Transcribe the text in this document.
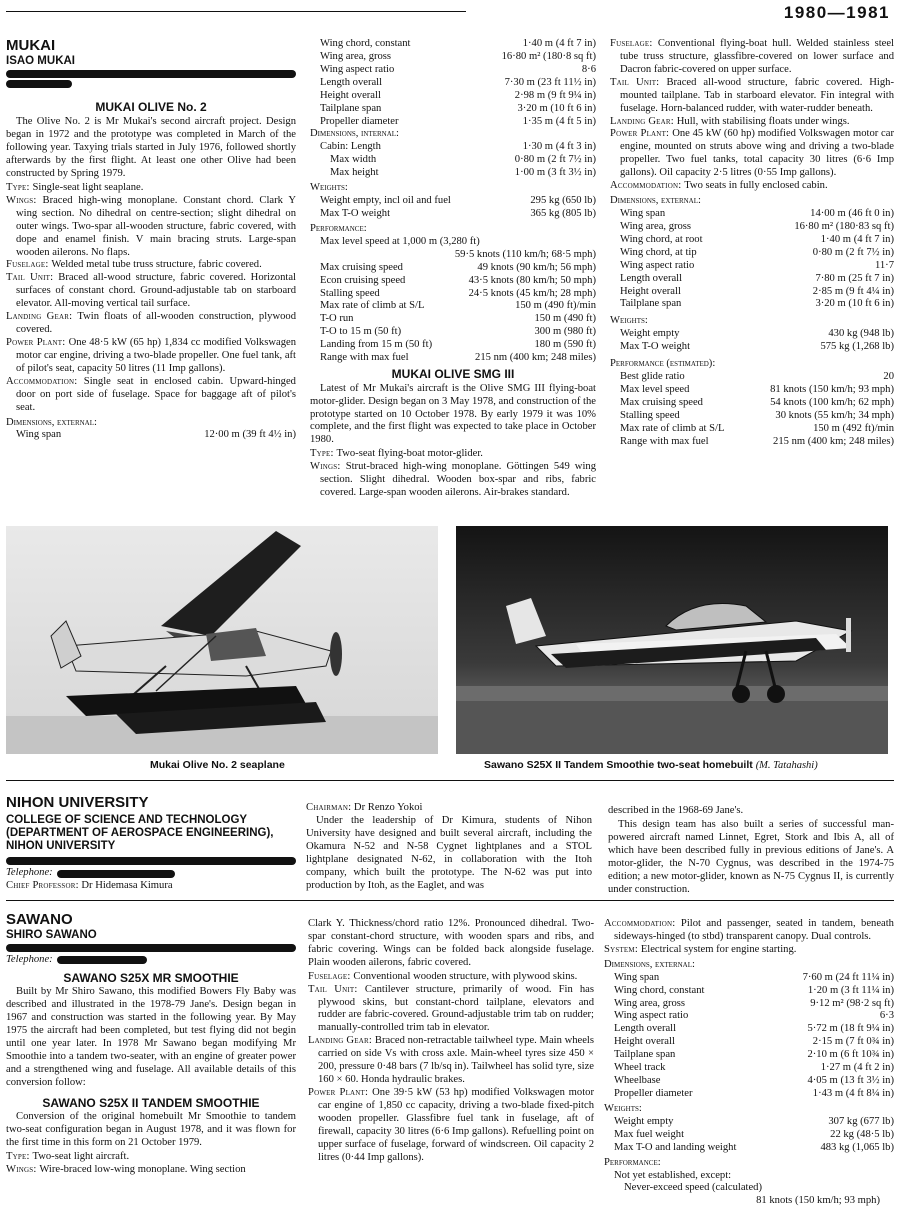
1980—1981
MUKAI
ISAO MUKAI
MUKAI OLIVE No. 2

The Olive No. 2 is Mr Mukai's second aircraft project. Design began in 1972 and the prototype was completed in March of the following year. Taxying trials started in July 1976, followed shortly afterwards by the first flight. At least one other Olive had been constructed by Spring 1979.

Type: Single-seat light seaplane.

Wings: Braced high-wing monoplane. Constant chord. Clark Y wing section. No dihedral on centre-section; slight dihedral on outer wings. Two-spar all-wooden structure, fabric covered, with dope and enamel finish. V main bracing struts. Large-span wooden ailerons. No flaps.

Fuselage: Welded metal tube truss structure, fabric covered.

Tail Unit: Braced all-wood structure, fabric covered. Horizontal surfaces of constant chord. Ground-adjustable tab on starboard elevator. All-moving vertical tail surface.

Landing Gear: Twin floats of all-wooden construction, plywood covered.

Power Plant: One 48·5 kW (65 hp) 1,834 cc modified Volkswagen motor car engine, driving a two-blade propeller. One fuel tank, aft of pilot's seat, capacity 50 litres (11 Imp gallons).

Accommodation: Single seat in enclosed cabin. Upward-hinged door on port side of fuselage. Space for baggage aft of pilot's seat.

Dimensions, external:
Wing span	12·00 m (39 ft 4½ in)
Wing chord, constant	1·40 m (4 ft 7 in)
Wing area, gross	16·80 m² (180·8 sq ft)
Wing aspect ratio	8·6
Length overall	7·30 m (23 ft 11½ in)
Height overall	2·98 m (9 ft 9¼ in)
Tailplane span	3·20 m (10 ft 6 in)
Propeller diameter	1·35 m (4 ft 5 in)
Dimensions, internal:
Cabin: Length	1·30 m (4 ft 3 in)
Max width	0·80 m (2 ft 7½ in)
Max height	1·00 m (3 ft 3½ in)
Weights:
Weight empty, incl oil and fuel	295 kg (650 lb)
Max T-O weight	365 kg (805 lb)
Performance:
Max level speed at 1,000 m (3,280 ft)
59·5 knots (110 km/h; 68·5 mph)
Max cruising speed	49 knots (90 km/h; 56 mph)
Econ cruising speed	43·5 knots (80 km/h; 50 mph)
Stalling speed	24·5 knots (45 km/h; 28 mph)
Max rate of climb at S/L	150 m (490 ft)/min
T-O run	150 m (490 ft)
T-O to 15 m (50 ft)	300 m (980 ft)
Landing from 15 m (50 ft)	180 m (590 ft)
Range with max fuel	215 nm (400 km; 248 miles)
MUKAI OLIVE SMG III

Latest of Mr Mukai's aircraft is the Olive SMG III flying-boat motor-glider. Design began on 3 May 1978, and construction of the prototype started on 10 October 1978. By early 1979 it was 10% complete, and the first flight was expected to take place in October 1980.

Type: Two-seat flying-boat motor-glider.

Wings: Strut-braced high-wing monoplane. Göttingen 549 wing section. Slight dihedral. Wooden box-spar and ribs, fabric covered. Large-span wooden ailerons. Air-brakes standard.

Fuselage: Conventional flying-boat hull. Welded stainless steel tube truss structure, glassfibre-covered on lower surface and Dacron fabric-covered on upper surface.

Tail Unit: Braced all-wood structure, fabric covered. High-mounted tailplane. Tab in starboard elevator. Fin integral with fuselage. Horn-balanced rudder, with water-rudder beneath.

Landing Gear: Hull, with stabilising floats under wings.

Power Plant: One 45 kW (60 hp) modified Volkswagen motor car engine, mounted on struts above wing and driving a two-blade propeller. Two fuel tanks, total capacity 30 litres (6·6 Imp gallons). Oil capacity 2·5 litres (0·55 Imp gallons).

Accommodation: Two seats in fully enclosed cabin.

Dimensions, external:
Wing span	14·00 m (46 ft 0 in)
Wing area, gross	16·80 m² (180·83 sq ft)
Wing chord, at root	1·40 m (4 ft 7 in)
Wing chord, at tip	0·80 m (2 ft 7½ in)
Wing aspect ratio	11·7
Length overall	7·80 m (25 ft 7 in)
Height overall	2·85 m (9 ft 4¼ in)
Tailplane span	3·20 m (10 ft 6 in)
Weights:
Weight empty	430 kg (948 lb)
Max T-O weight	575 kg (1,268 lb)
Performance (estimated):
Best glide ratio	20
Max level speed	81 knots (150 km/h; 93 mph)
Max cruising speed	54 knots (100 km/h; 62 mph)
Stalling speed	30 knots (55 km/h; 34 mph)
Max rate of climb at S/L	150 m (492 ft)/min
Range with max fuel	215 nm (400 km; 248 miles)
Mukai Olive No. 2 seaplane	Sawano S25X II Tandem Smoothie two-seat homebuilt (M. Tatahashi)
NIHON UNIVERSITY
COLLEGE OF SCIENCE AND TECHNOLOGY (DEPARTMENT OF AEROSPACE ENGINEERING), NIHON UNIVERSITY
Telephone:
Chief Professor: Dr Hidemasa Kimura
Chairman: Dr Renzo Yokoi

Under the leadership of Dr Kimura, students of Nihon University have designed and built several aircraft, including the Okamura N-52 and N-58 Cygnet lightplanes and a STOL lightplane designated N-62, in collaboration with the Itoh company, which built the prototype. The N-62 was put into production by Itoh, as the Eaglet, and was

described in the 1968-69 Jane's.

This design team has also built a series of successful man-powered aircraft named Linnet, Egret, Stork and Ibis A, all of which have been described fully in previous editions of Jane's. A motor-glider, the N-70 Cygnus, was described in the 1974-75 edition; a new motor-glider, known as N-75 Cygnus II, is currently under construction.

SAWANO
SHIRO SAWANO
Telephone:
SAWANO S25X MR SMOOTHIE

Built by Mr Shiro Sawano, this modified Bowers Fly Baby was described and illustrated in the 1978-79 Jane's. Design began in 1967 and construction was started in the following year. By May 1975 the aircraft had been completed, but test flying did not begin until one year later. In 1978 Mr Sawano began modifying Mr Smoothie into a tandem two-seater, with an engine of greater power and a strengthened wing and fuselage. All available details of this conversion follow:

SAWANO S25X II TANDEM SMOOTHIE

Conversion of the original homebuilt Mr Smoothie to tandem two-seat configuration began in August 1978, and it was flown for the first time in this form on 21 October 1979.

Type: Two-seat light aircraft.

Wings: Wire-braced low-wing monoplane. Wing section

Clark Y. Thickness/chord ratio 12%. Pronounced dihedral. Two-spar constant-chord structure, with wooden spars and ribs, and fabric covering. Wings can be folded back alongside fuselage. Plain wooden ailerons, fabric covered.

Fuselage: Conventional wooden structure, with plywood skins.

Tail Unit: Cantilever structure, primarily of wood. Fin has plywood skins, but constant-chord tailplane, elevators and rudder are fabric-covered. Ground-adjustable trim tab on rudder; manually-controlled trim tab in elevator.

Landing Gear: Braced non-retractable tailwheel type. Main wheels carried on side Vs with cross axle. Main-wheel tyres size 450 × 200, pressure 0·48 bars (7 lb/sq in). Tailwheel has solid tyre, size 160 × 60. Honda hydraulic brakes.

Power Plant: One 39·5 kW (53 hp) modified Volkswagen motor car engine of 1,850 cc capacity, driving a two-blade fixed-pitch wooden propeller. Glassfibre fuel tank in fuselage, aft of firewall, capacity 30 litres (6·6 Imp gallons). Refuelling point on upper surface of fuselage, forward of windscreen. Oil capacity 2 litres (0·44 Imp gallons).

Accommodation: Pilot and passenger, seated in tandem, beneath sideways-hinged (to stbd) transparent canopy. Dual controls.

System: Electrical system for engine starting.

Dimensions, external:
Wing span	7·60 m (24 ft 11¼ in)
Wing chord, constant	1·20 m (3 ft 11¼ in)
Wing area, gross	9·12 m² (98·2 sq ft)
Wing aspect ratio	6·3
Length overall	5·72 m (18 ft 9¼ in)
Height overall	2·15 m (7 ft 0¾ in)
Tailplane span	2·10 m (6 ft 10¾ in)
Wheel track	1·27 m (4 ft 2 in)
Wheelbase	4·05 m (13 ft 3½ in)
Propeller diameter	1·43 m (4 ft 8¼ in)
Weights:
Weight empty	307 kg (677 lb)
Max fuel weight	22 kg (48·5 lb)
Max T-O and landing weight	483 kg (1,065 lb)
Performance:
Not yet established, except:
Never-exceed speed (calculated)
81 knots (150 km/h; 93 mph)
